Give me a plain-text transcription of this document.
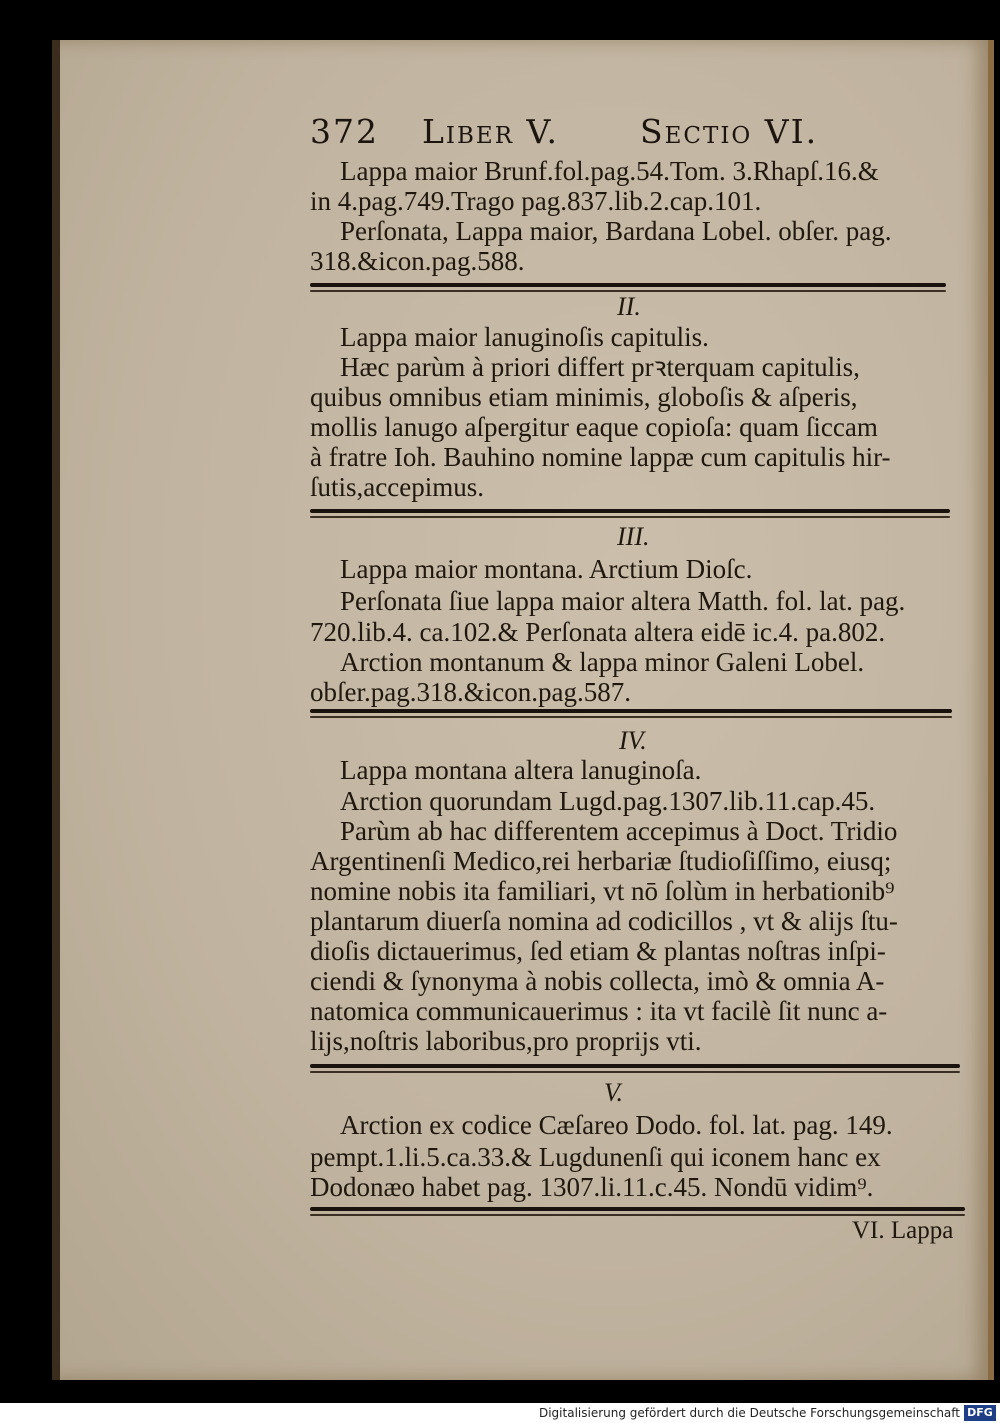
372 Liber V. Sectio VI.
Lappa maior Brunf.fol.pag.54.Tom. 3.Rhapſ.16.&
in 4.pag.749.Trago pag.837.lib.2.cap.101.
Perſonata, Lappa maior, Bardana Lobel. obſer. pag.
318.&icon.pag.588.
II.
Lappa maior lanuginoſis capitulis.
Hæc parùm à priori differt prꝛterquam capitulis,
quibus omnibus etiam minimis, globoſis & aſperis,
mollis lanugo aſpergitur eaque copioſa: quam ſiccam
à fratre Ioh. Bauhino nomine lappæ cum capitulis hir-
ſutis,accepimus.
III.
Lappa maior montana. Arctium Dioſc.
Perſonata ſiue lappa maior altera Matth. fol. lat. pag.
720.lib.4. ca.102.& Perſonata altera eidē ic.4. pa.802.
Arction montanum & lappa minor Galeni Lobel.
obſer.pag.318.&icon.pag.587.
IV.
Lappa montana altera lanuginoſa.
Arction quorundam Lugd.pag.1307.lib.11.cap.45.
Parùm ab hac differentem accepimus à Doct. Tridio
Argentinenſi Medico,rei herbariæ ſtudioſiſſimo, eiusq;
nomine nobis ita familiari, vt nō ſolùm in herbationib⁹
plantarum diuerſa nomina ad codicillos , vt & alijs ſtu-
dioſis dictauerimus, ſed etiam & plantas noſtras inſpi-
ciendi & ſynonyma à nobis collecta, imò & omnia A-
natomica communicauerimus : ita vt facilè ſit nunc a-
lijs,noſtris laboribus,pro proprijs vti.
V.
Arction ex codice Cæſareo Dodo. fol. lat. pag. 149.
pempt.1.li.5.ca.33.& Lugdunenſi qui iconem hanc ex
Dodonæo habet pag. 1307.li.11.c.45. Nondū vidim⁹.
VI. Lappa
Digitalisierung gefördert durch die Deutsche Forschungsgemeinschaft DFG
